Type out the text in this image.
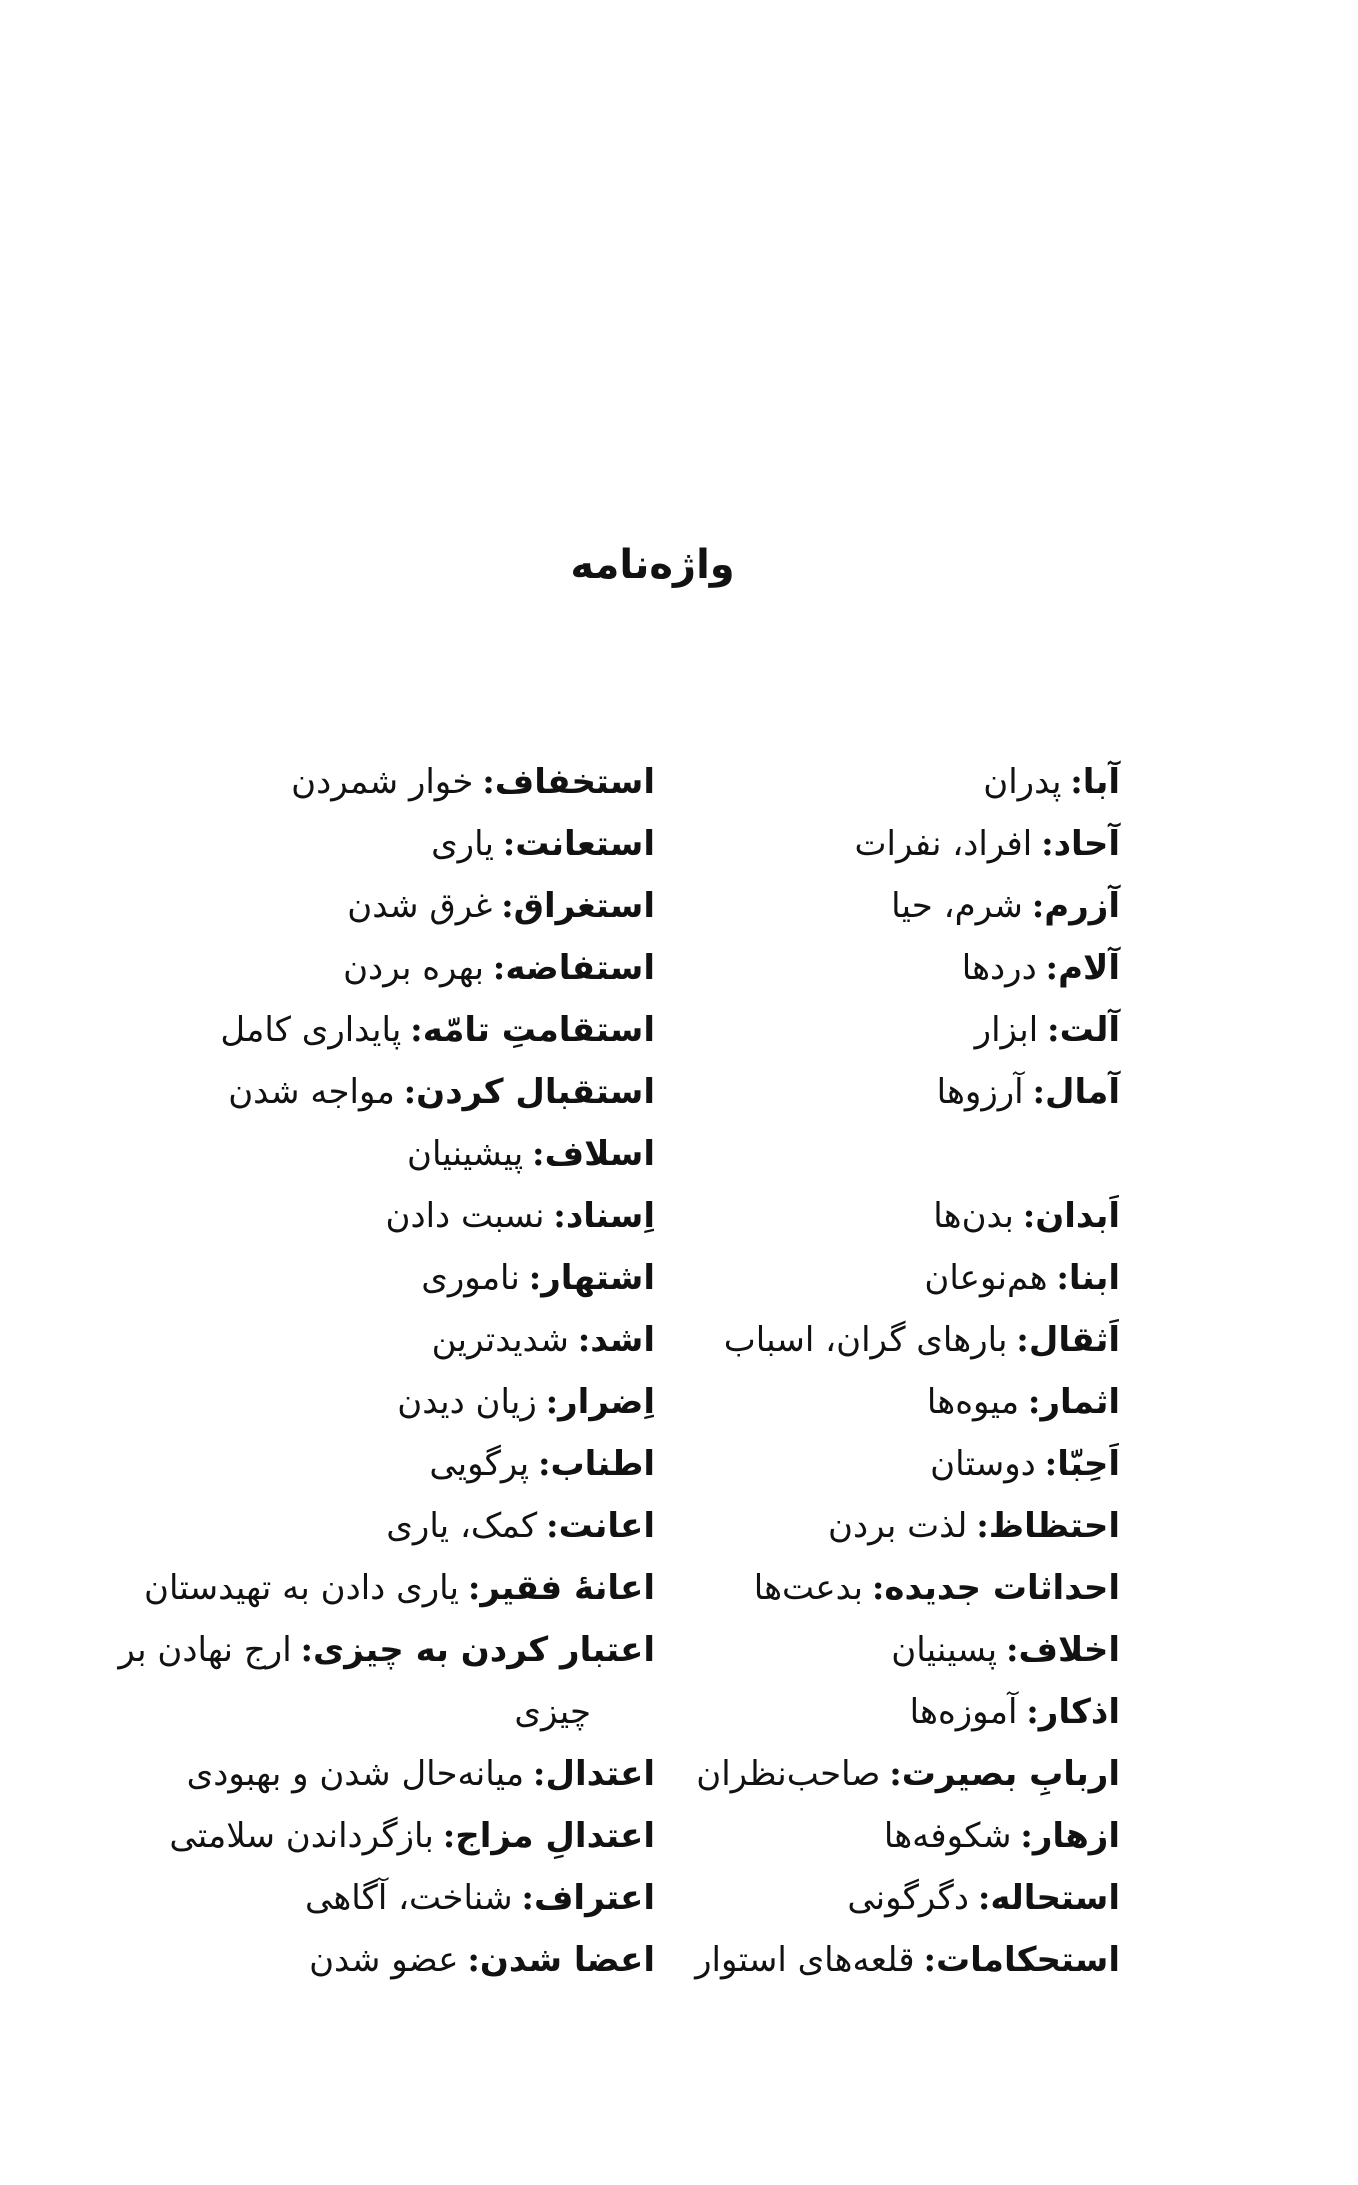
واژه‌نامه
آبا:پدران
آحاد:افراد، نفرات
آزرم:شرم، حیا
آلام:دردها
آلت:ابزار
آمال:آرزوها
اَبدان:بدن‌ها
ابنا:هم‌نوعان
اَثقال:بارهای گران، اسباب
اثمار:میوه‌ها
اَحِبّا:دوستان
احتظاظ:لذت بردن
احداثات جدیده:بدعت‌ها
اخلاف:پسینیان
اذکار:آموزه‌ها
اربابِ بصیرت:صاحب‌نظران
ازهار:شکوفه‌ها
استحاله:دگرگونی
استحکامات:قلعه‌های استوار
استخفاف:خوار شمردن
استعانت:یاری
استغراق:غرق شدن
استفاضه:بهره بردن
استقامتِ تامّه:پایداری کامل
استقبال کردن:مواجه شدن
اسلاف:پیشینیان
اِسناد:نسبت دادن
اشتهار:ناموری
اشد:شدیدترین
اِضرار:زیان دیدن
اطناب:پرگویی
اعانت:کمک، یاری
اعانهٔ فقیر:یاری دادن به تهیدستان
اعتبار کردن به چیزی:ارج نهادن بر
چیزی
اعتدال:میانه‌حال شدن و بهبودی
اعتدالِ مزاج:بازگرداندن سلامتی
اعتراف:شناخت، آگاهی
اعضا شدن:عضو شدن
